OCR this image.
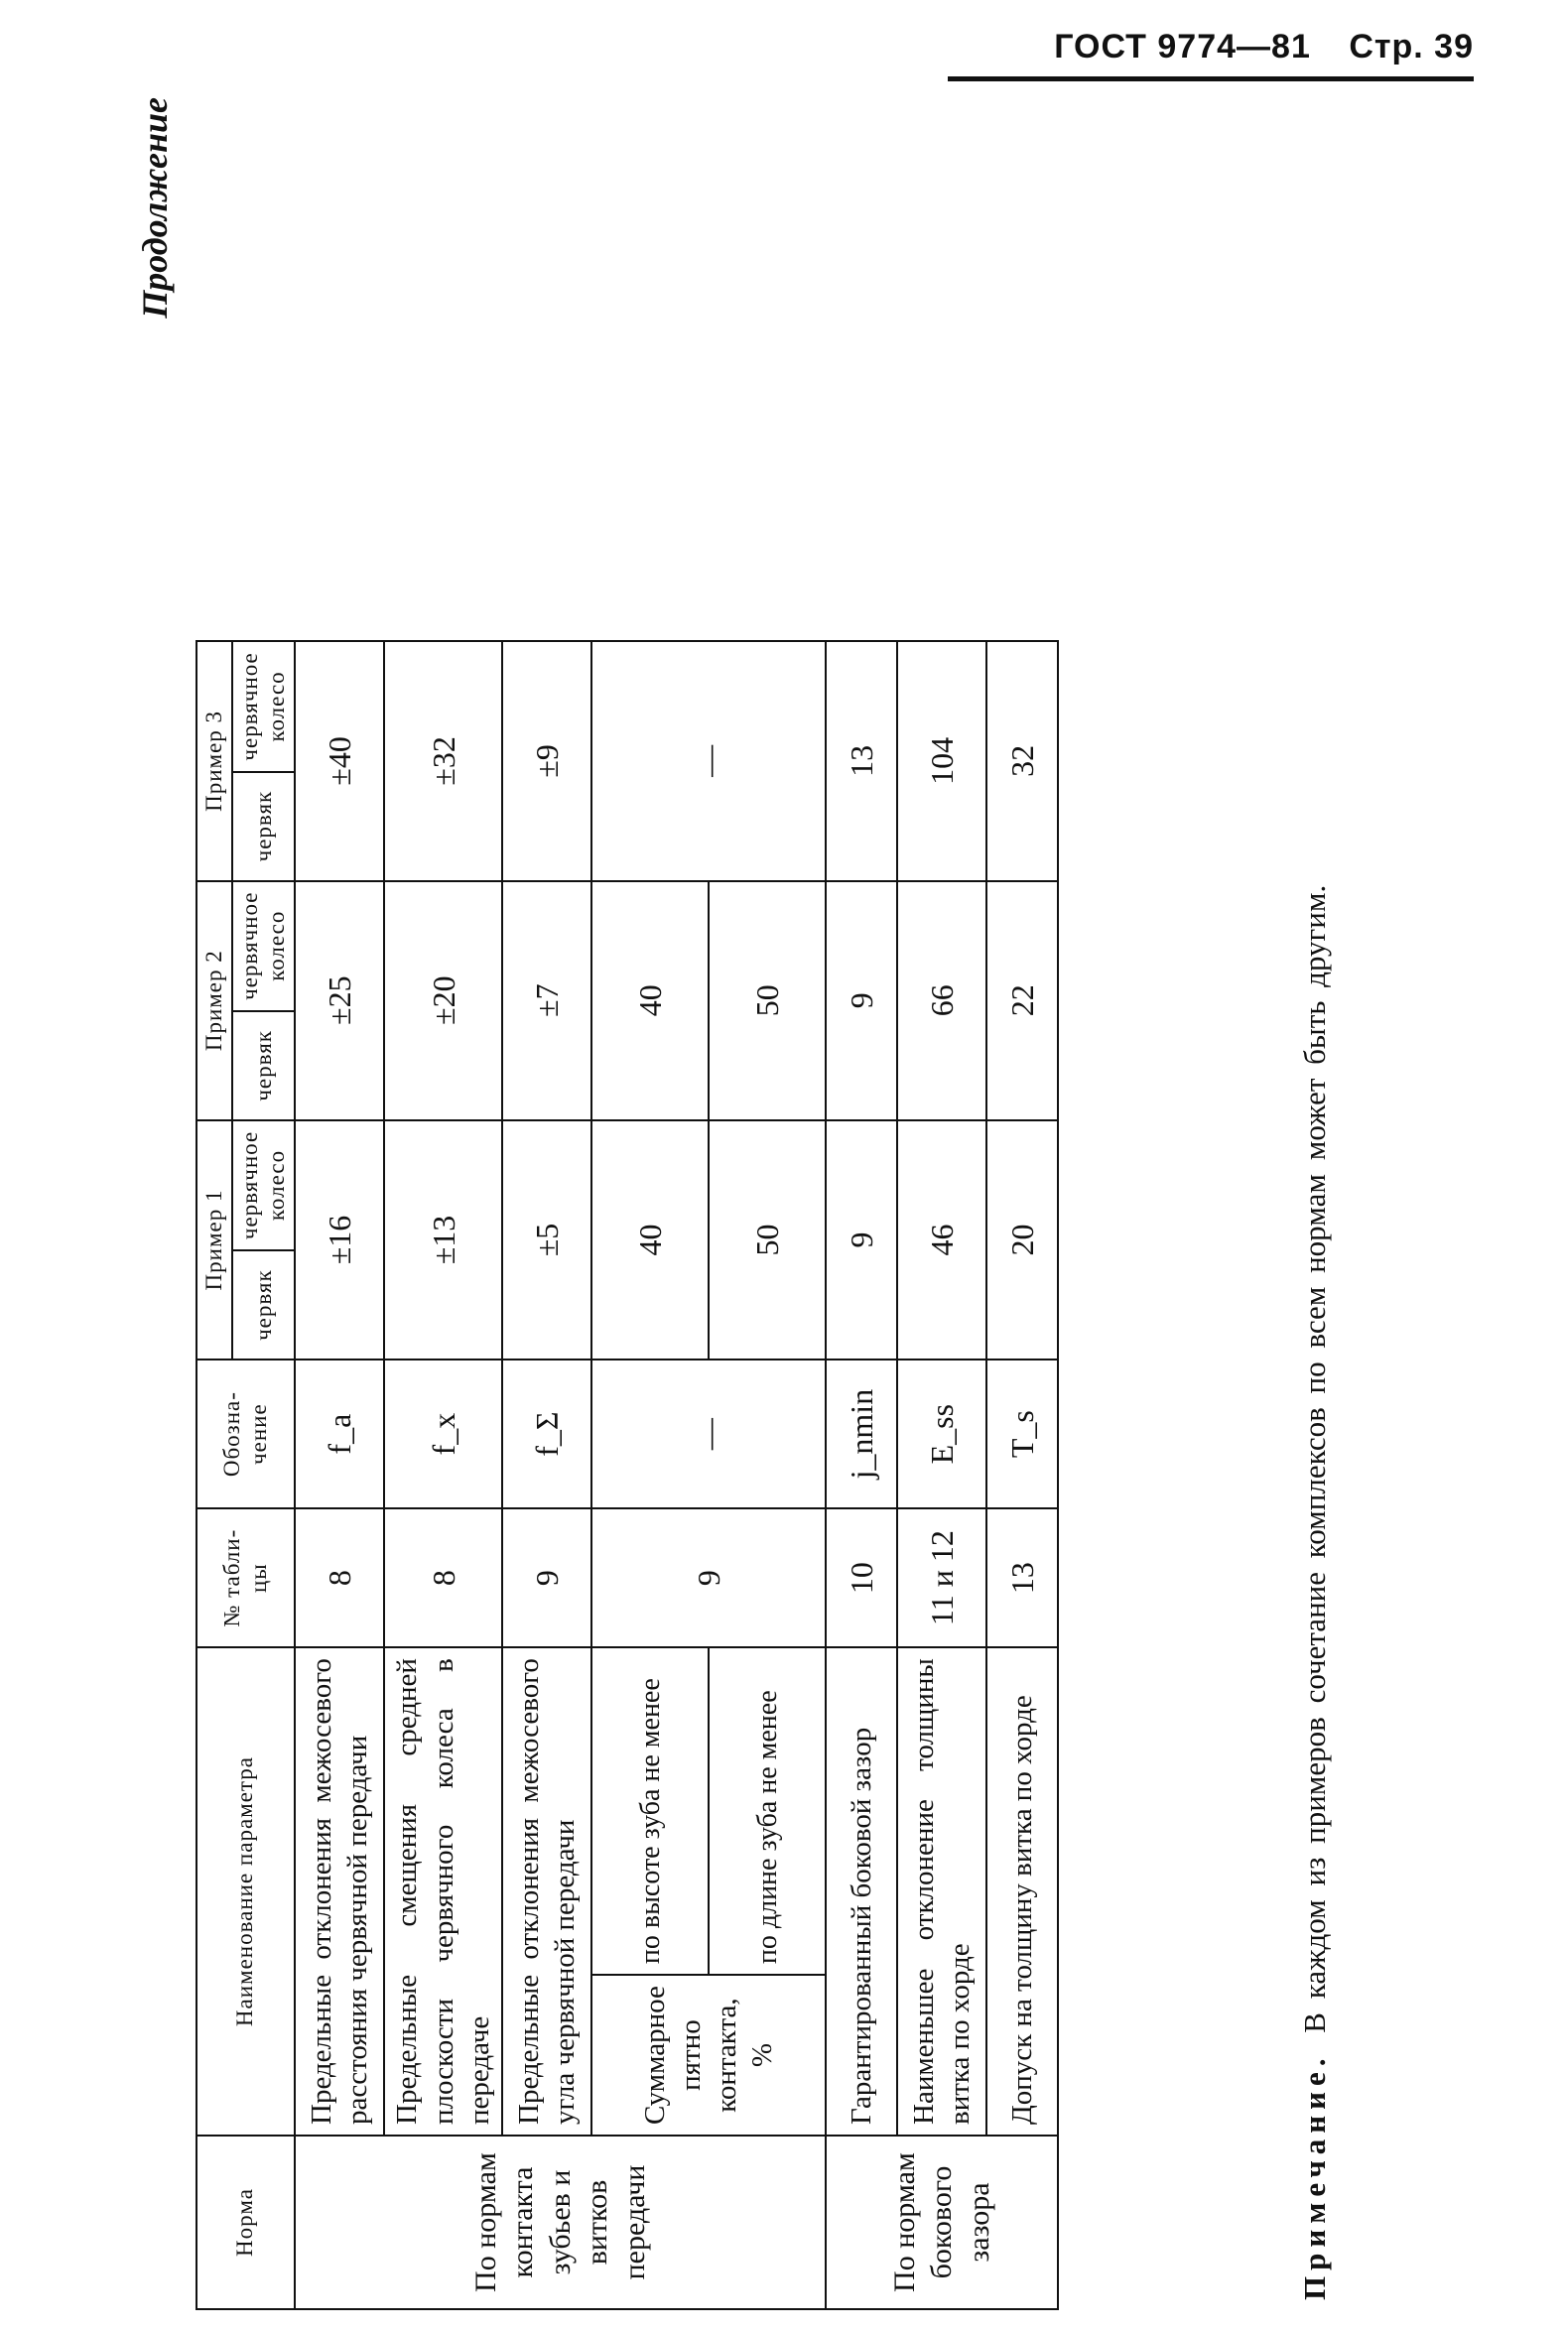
ГОСТ 9774—81 Стр. 39
Продолжение
Норма	Наименование параметра		№ табли- цы	Обозна- чение	Пример 1		Пример 2		Пример 3	
					червяк	червячное колесо	червяк	червячное колесо	червяк	червячное колесо
По нормам контакта зубьев и витков передачи	Предельные отклонения межосевого расстояния червячной передачи		8	f_a	±16		±25		±40	
	Предельные смещения средней плоскости червячного колеса в передаче		8	f_x	±13		±20		±32	
	Предельные отклонения межосевого угла червячной передачи		9	f_Σ	±5		±7		±9	
	Суммарное пятно контакта, %	по высоте зуба не менее	9	—	40		40		—	
		по длине зуба не менее			50		50			
По нормам бокового зазора	Гарантированный боковой зазор		10	j_nmin	9		9		13	
	Наименьшее отклонение толщины витка по хорде		11 и 12	E_ss	46		66		104	
	Допуск на толщину витка по хорде		13	T_s	20		22		32	
Примечание.В каждом из примеров сочетание комплексов по всем нормам может быть другим.
